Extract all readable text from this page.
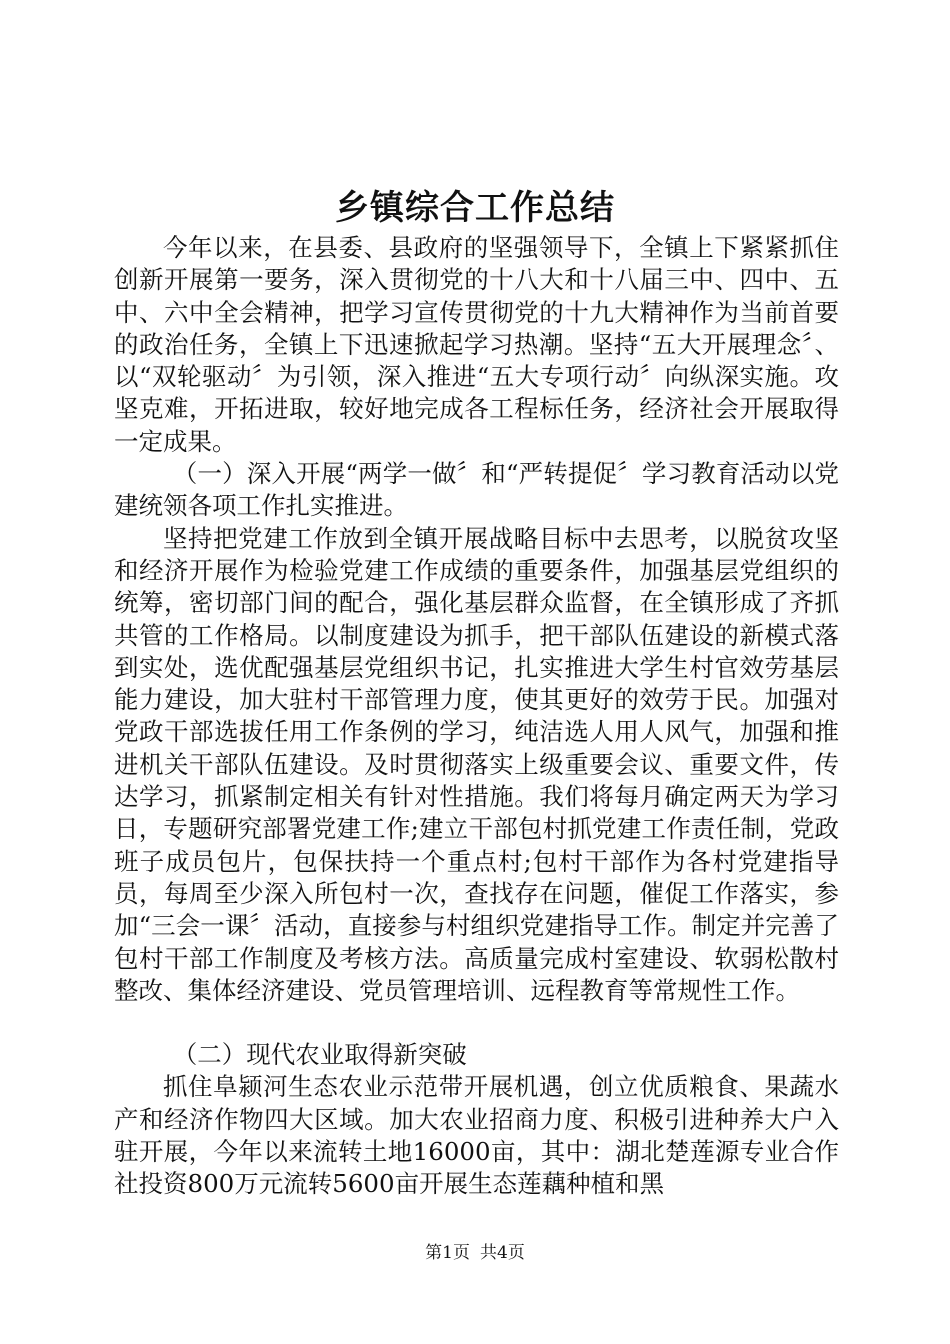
乡镇综合工作总结

今年以来，在县委、县政府的坚强领导下，全镇上下紧紧抓住创新开展第一要务，深入贯彻党的十八大和十八届三中、四中、五中、六中全会精神，把学习宣传贯彻党的十九大精神作为当前首要的政治任务，全镇上下迅速掀起学习热潮。坚持“五大开展理念〞、以“双轮驱动〞为引领，深入推进“五大专项行动〞向纵深实施。攻坚克难，开拓进取，较好地完成各工程标任务，经济社会开展取得一定成果。

（一）深入开展“两学一做〞和“严转提促〞学习教育活动以党建统领各项工作扎实推进。

坚持把党建工作放到全镇开展战略目标中去思考，以脱贫攻坚和经济开展作为检验党建工作成绩的重要条件，加强基层党组织的统筹，密切部门间的配合，强化基层群众监督，在全镇形成了齐抓共管的工作格局。以制度建设为抓手，把干部队伍建设的新模式落到实处，选优配强基层党组织书记，扎实推进大学生村官效劳基层能力建设，加大驻村干部管理力度，使其更好的效劳于民。加强对党政干部选拔任用工作条例的学习，纯洁选人用人风气，加强和推进机关干部队伍建设。及时贯彻落实上级重要会议、重要文件，传达学习，抓紧制定相关有针对性措施。我们将每月确定两天为学习日，专题研究部署党建工作;建立干部包村抓党建工作责任制，党政班子成员包片，包保扶持一个重点村;包村干部作为各村党建指导员，每周至少深入所包村一次，查找存在问题，催促工作落实，参加“三会一课〞活动，直接参与村组织党建指导工作。制定并完善了包村干部工作制度及考核方法。高质量完成村室建设、软弱松散村整改、集体经济建设、党员管理培训、远程教育等常规性工作。

（二）现代农业取得新突破

抓住阜颍河生态农业示范带开展机遇，创立优质粮食、果蔬水产和经济作物四大区域。加大农业招商力度、积极引进种养大户入驻开展，今年以来流转土地16000亩，其中：湖北楚莲源专业合作社投资800万元流转5600亩开展生态莲藕种植和黑

第1页 共4页
